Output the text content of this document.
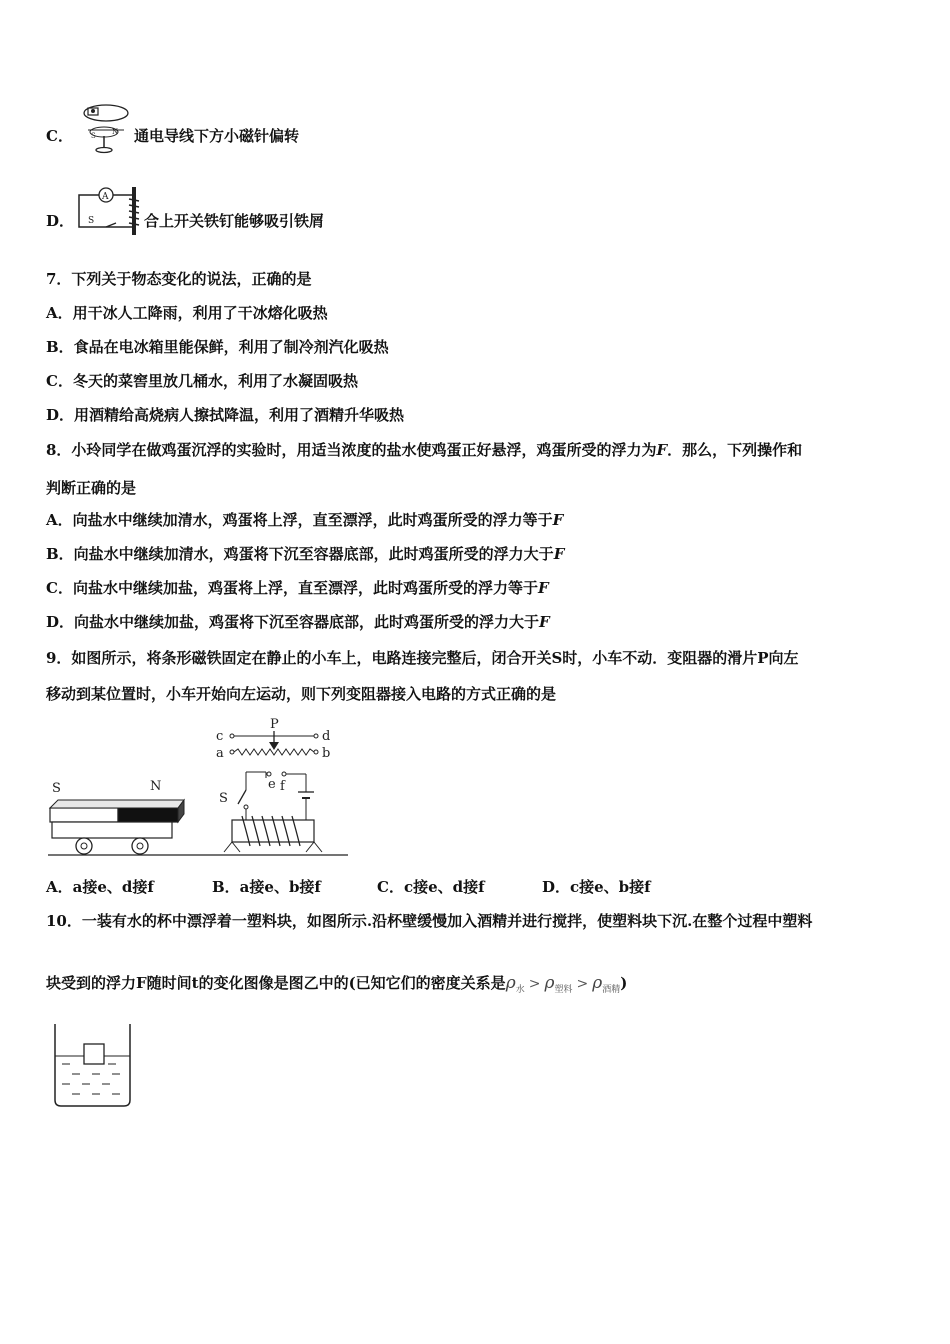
C．	S N 通电导线下方小磁针偏转
D．
A
S	合上开关铁钉能够吸引铁屑
7．下列关于物态变化的说法，正确的是
A．用干冰人工降雨，利用了干冰熔化吸热
B．食品在电冰箱里能保鲜，利用了制冷剂汽化吸热
C．冬天的菜窖里放几桶水，利用了水凝固吸热
D．用酒精给高烧病人擦拭降温，利用了酒精升华吸热
8．小玲同学在做鸡蛋沉浮的实验时，用适当浓度的盐水使鸡蛋正好悬浮，鸡蛋所受的浮力为F．那么，下列操作和
判断正确的是
A．向盐水中继续加清水，鸡蛋将上浮，直至漂浮，此时鸡蛋所受的浮力等于F
B．向盐水中继续加清水，鸡蛋将下沉至容器底部，此时鸡蛋所受的浮力大于F
C．向盐水中继续加盐，鸡蛋将上浮，直至漂浮，此时鸡蛋所受的浮力等于F
D．向盐水中继续加盐，鸡蛋将下沉至容器底部，此时鸡蛋所受的浮力大于F
9．如图所示，将条形磁铁固定在静止的小车上，电路连接完整后，闭合开关S时，小车不动．变阻器的滑片P向左
移动到某位置时，小车开始向左运动，则下列变阻器接入电路的方式正确的是
P
c	d
a	b
e f
S
S	N
A．a接e、d接f	B．a接e、b接f	C．c接e、d接f	D．c接e、b接f
10．一装有水的杯中漂浮着一塑料块，如图所示.沿杯壁缓慢加入酒精并进行搅拌，使塑料块下沉.在整个过程中塑料
块受到的浮力F随时间t的变化图像是图乙中的(已知它们的密度关系是$\rho_水 > \rho_{塑料} > \rho_{酒精}$)
